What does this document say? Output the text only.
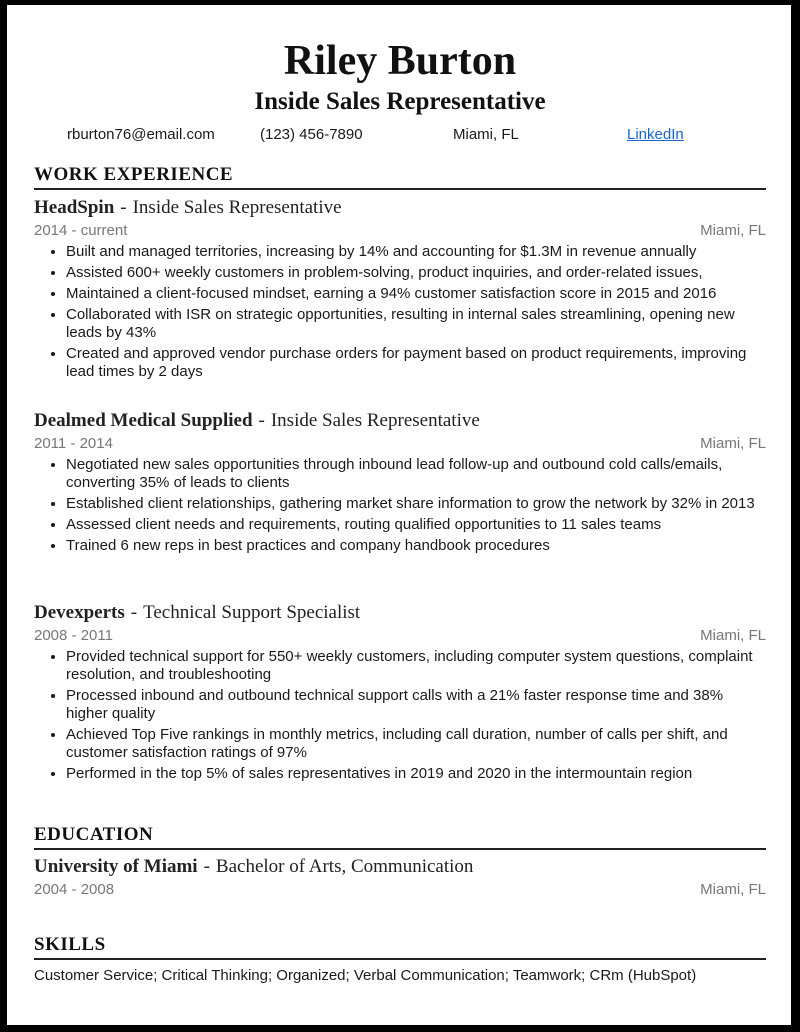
Riley Burton
Inside Sales Representative
rburton76@email.com	(123) 456-7890	Miami, FL	LinkedIn
WORK EXPERIENCE
HeadSpin - Inside Sales Representative
2014 - current	Miami, FL
• Built and managed territories, increasing by 14% and accounting for $1.3M in revenue annually
• Assisted 600+ weekly customers in problem-solving, product inquiries, and order-related issues,
• Maintained a client-focused mindset, earning a 94% customer satisfaction score in 2015 and 2016
• Collaborated with ISR on strategic opportunities, resulting in internal sales streamlining, opening new leads by 43%
• Created and approved vendor purchase orders for payment based on product requirements, improving lead times by 2 days
Dealmed Medical Supplied - Inside Sales Representative
2011 - 2014	Miami, FL
• Negotiated new sales opportunities through inbound lead follow-up and outbound cold calls/emails, converting 35% of leads to clients
• Established client relationships, gathering market share information to grow the network by 32% in 2013
• Assessed client needs and requirements, routing qualified opportunities to 11 sales teams
• Trained 6 new reps in best practices and company handbook procedures
Devexperts - Technical Support Specialist
2008 - 2011	Miami, FL
• Provided technical support for 550+ weekly customers, including computer system questions, complaint resolution, and troubleshooting
• Processed inbound and outbound technical support calls with a 21% faster response time and 38% higher quality
• Achieved Top Five rankings in monthly metrics, including call duration, number of calls per shift, and customer satisfaction ratings of 97%
• Performed in the top 5% of sales representatives in 2019 and 2020 in the intermountain region
EDUCATION
University of Miami - Bachelor of Arts, Communication
2004 - 2008	Miami, FL
SKILLS
Customer Service; Critical Thinking; Organized; Verbal Communication; Teamwork; CRm (HubSpot)
